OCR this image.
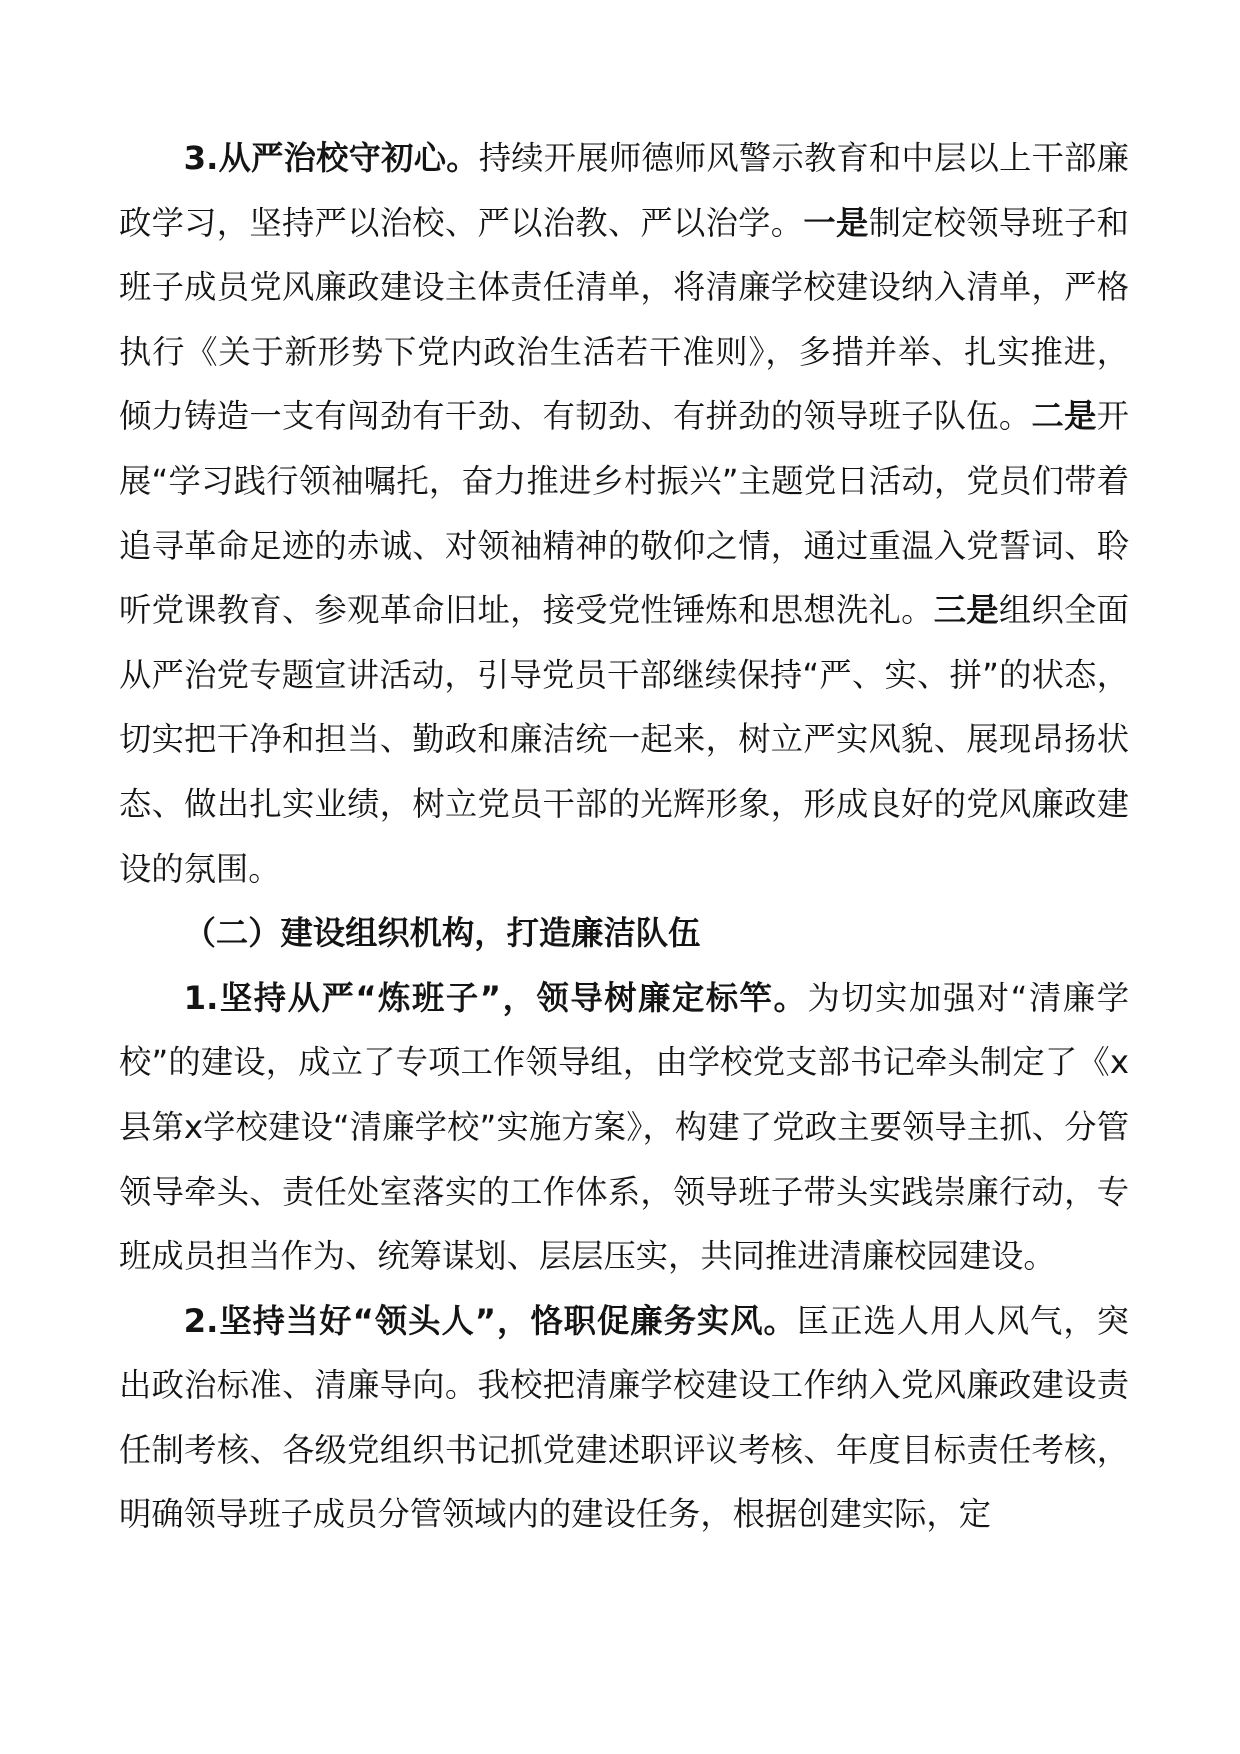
3.从严治校守初心。持续开展师德师风警示教育和中层以上干部廉政学习，坚持严以治校、严以治教、严以治学。一是制定校领导班子和班子成员党风廉政建设主体责任清单，将清廉学校建设纳入清单，严格执行《关于新形势下党内政治生活若干准则》，多措并举、扎实推进，倾力铸造一支有闯劲有干劲、有韧劲、有拼劲的领导班子队伍。二是开展“学习践行领袖嘱托，奋力推进乡村振兴”主题党日活动，党员们带着追寻革命足迹的赤诚、对领袖精神的敬仰之情，通过重温入党誓词、聆听党课教育、参观革命旧址，接受党性锤炼和思想洗礼。三是组织全面从严治党专题宣讲活动，引导党员干部继续保持“严、实、拼”的状态，切实把干净和担当、勤政和廉洁统一起来，树立严实风貌、展现昂扬状态、做出扎实业绩，树立党员干部的光辉形象，形成良好的党风廉政建设的氛围。

（二）建设组织机构，打造廉洁队伍

1.坚持从严“炼班子”，领导树廉定标竿。为切实加强对“清廉学校”的建设，成立了专项工作领导组，由学校党支部书记牵头制定了《x县第x学校建设“清廉学校”实施方案》，构建了党政主要领导主抓、分管领导牵头、责任处室落实的工作体系，领导班子带头实践崇廉行动，专班成员担当作为、统筹谋划、层层压实，共同推进清廉校园建设。

2.坚持当好“领头人”，恪职促廉务实风。匡正选人用人风气，突出政治标准、清廉导向。我校把清廉学校建设工作纳入党风廉政建设责任制考核、各级党组织书记抓党建述职评议考核、年度目标责任考核，明确领导班子成员分管领域内的建设任务，根据创建实际，定
